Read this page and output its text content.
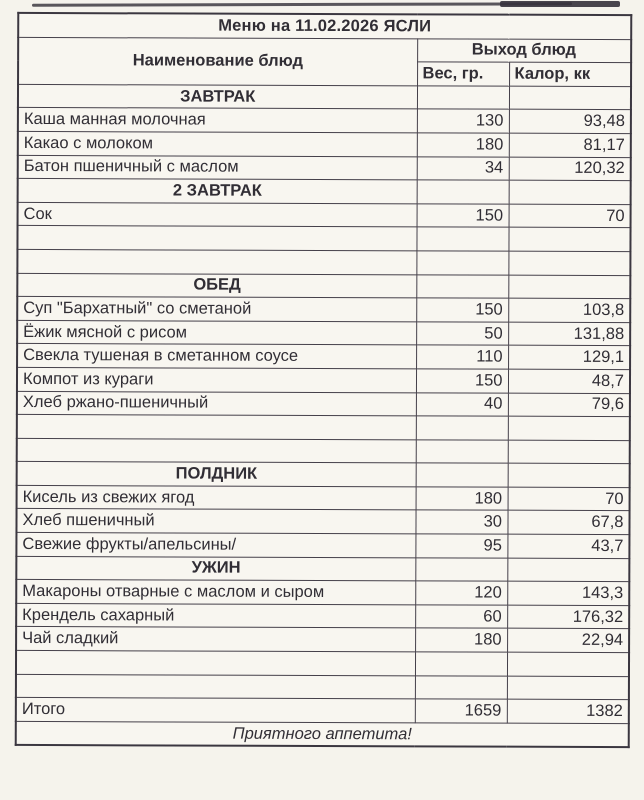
Меню на 11.02.2026 ЯСЛИ		
Наименование блюд	Выход блюд	
	Вес, гр.	Калор, кк
ЗАВТРАК		
Каша манная молочная	130	93,48
Какао с молоком	180	81,17
Батон пшеничный с маслом	34	120,32
2 ЗАВТРАК		
Сок	150	70

ОБЕД		
Суп "Бархатный" со сметаной	150	103,8
Ёжик мясной с рисом	50	131,88
Свекла тушеная в сметанном соусе	110	129,1
Компот из кураги	150	48,7
Хлеб ржано-пшеничный	40	79,6

ПОЛДНИК		
Кисель из свежих ягод	180	70
Хлеб пшеничный	30	67,8
Свежие фрукты/апельсины/	95	43,7
УЖИН		
Макароны отварные с маслом и сыром	120	143,3
Крендель сахарный	60	176,32
Чай сладкий	180	22,94

Итого	1659	1382
Приятного аппетита!		
